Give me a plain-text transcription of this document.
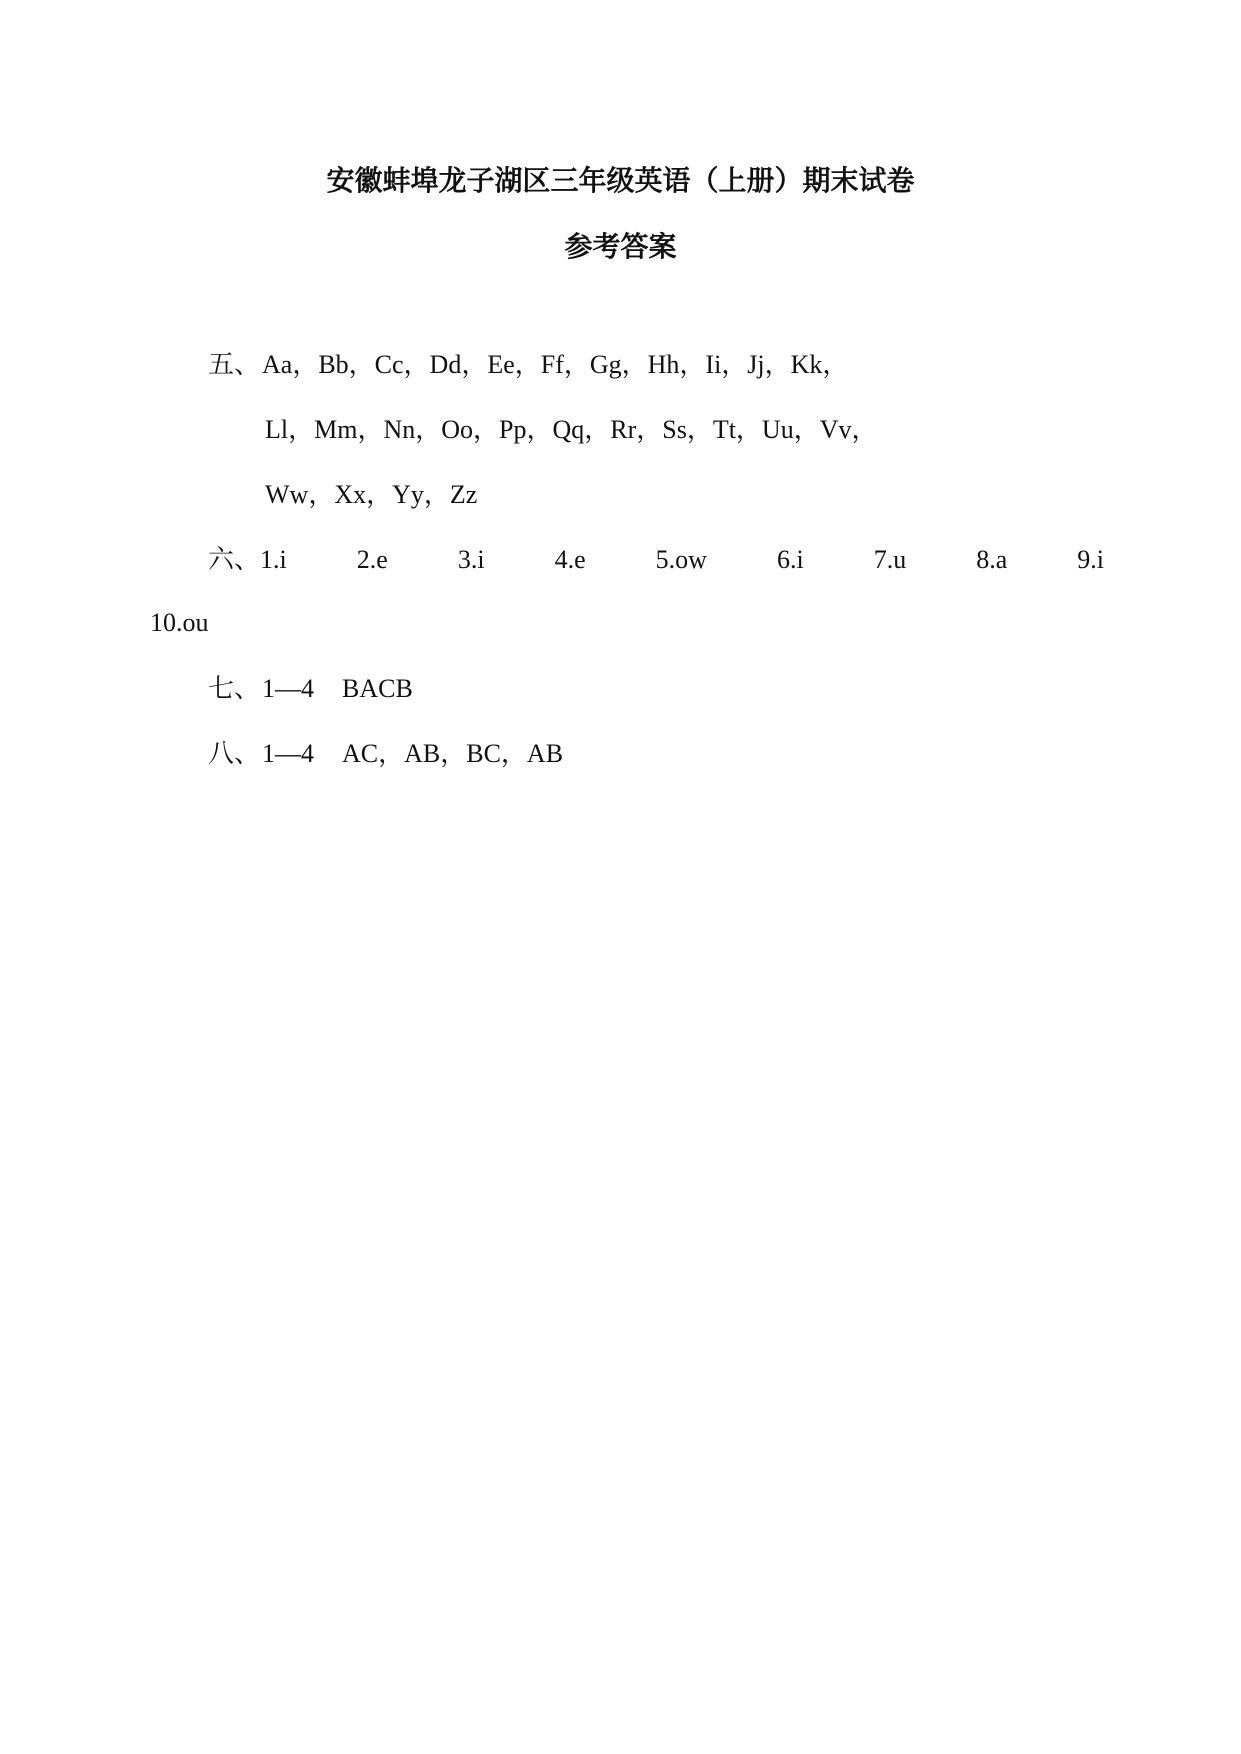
安徽蚌埠龙子湖区三年级英语（上册）期末试卷
参考答案
五、Aa，Bb，Cc，Dd，Ee，Ff，Gg，Hh，Ii，Jj，Kk，
Ll，Mm，Nn，Oo，Pp，Qq，Rr，Ss，Tt，Uu，Vv，
Ww，Xx，Yy，Zz
六、 1.i	2.e	3.i	4.e	5.ow	6.i	7.u	8.a	9.i
10.ou
七、1—4 BACB
八、1—4 AC，AB，BC，AB
